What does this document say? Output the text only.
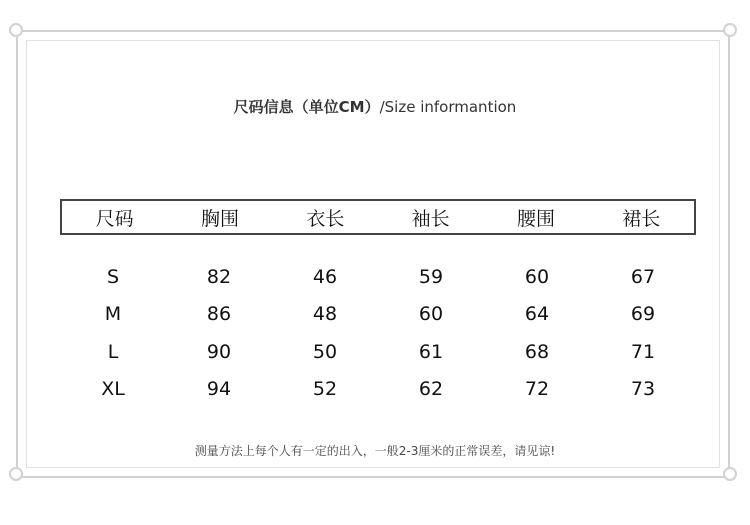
尺码信息（单位CM）/Size informantion
尺码	胸围	衣长	袖长	腰围	裙长
S	82	46	59	60	67
M	86	48	60	64	69
L	90	50	61	68	71
XL	94	52	62	72	73
测量方法上每个人有一定的出入，一般2-3厘米的正常误差，请见谅!
